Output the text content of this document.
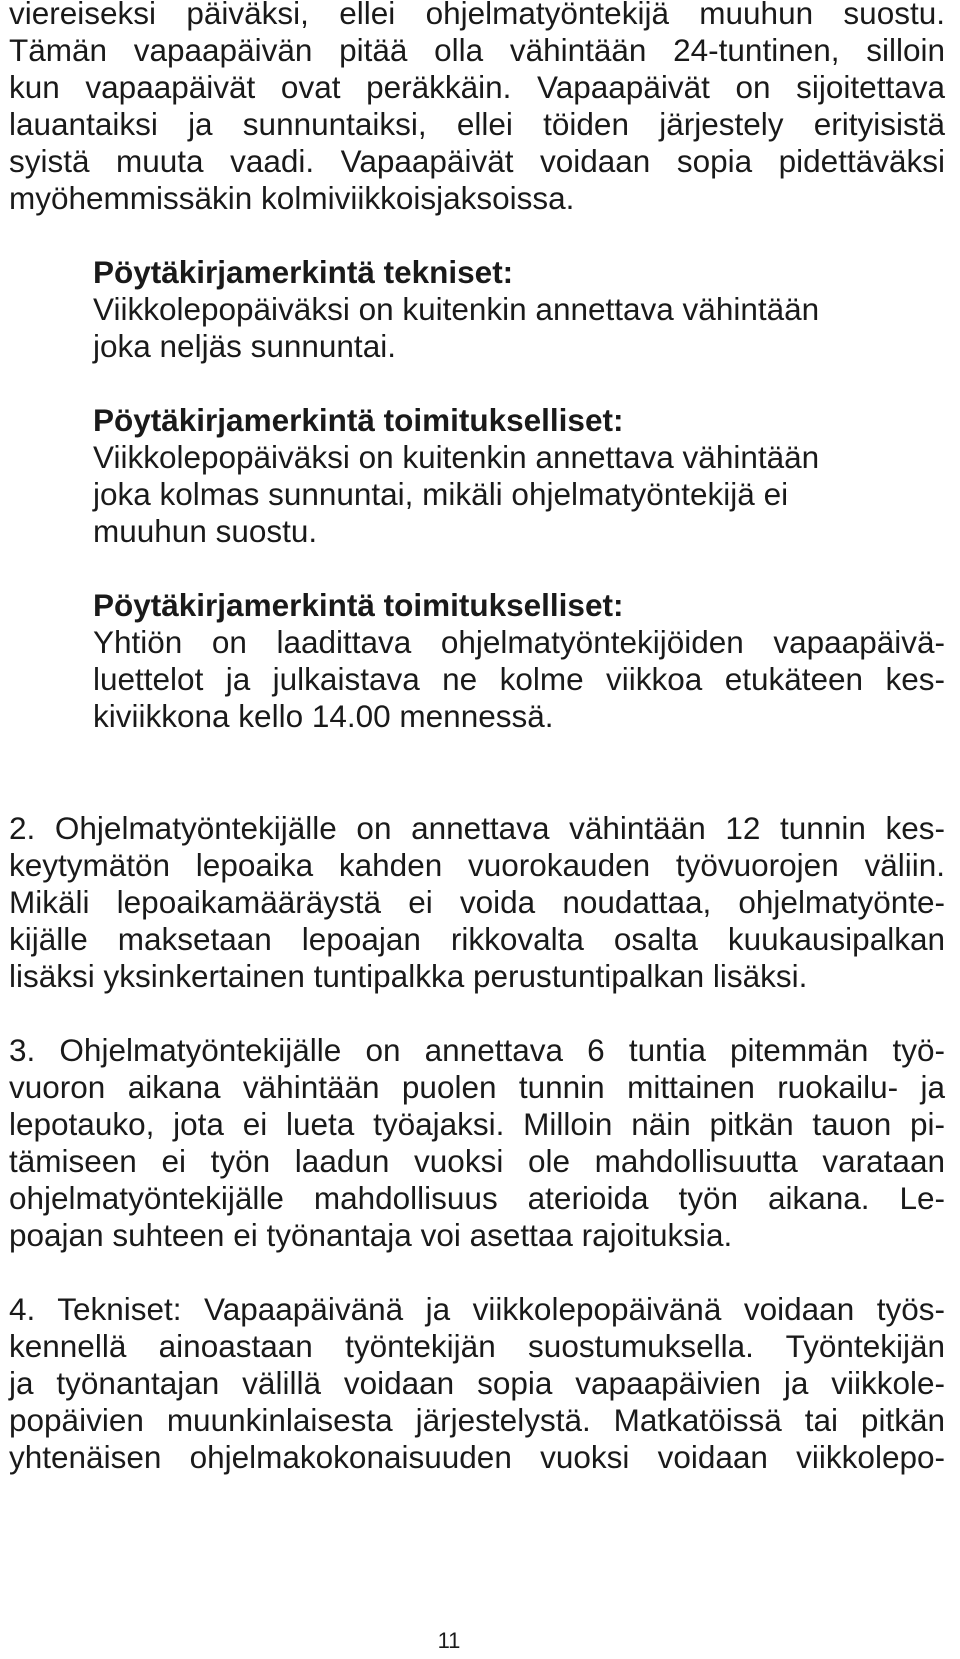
viereiseksi päiväksi, ellei ohjelmatyöntekijä muuhun suostu.
Tämän vapaapäivän pitää olla vähintään 24-tuntinen, silloin
kun vapaapäivät ovat peräkkäin. Vapaapäivät on sijoitettava
lauantaiksi ja sunnuntaiksi, ellei töiden järjestely erityisistä
syistä muuta vaadi. Vapaapäivät voidaan sopia pidettäväksi
myöhemmissäkin kolmiviikkoisjaksoissa.
Pöytäkirjamerkintä tekniset:
Viikkolepopäiväksi on kuitenkin annettava vähintään
joka neljäs sunnuntai.
Pöytäkirjamerkintä toimitukselliset:
Viikkolepopäiväksi on kuitenkin annettava vähintään
joka kolmas sunnuntai, mikäli ohjelmatyöntekijä ei
muuhun suostu.
Pöytäkirjamerkintä toimitukselliset:
Yhtiön on laadittava ohjelmatyöntekijöiden vapaapäivä-
luettelot ja julkaistava ne kolme viikkoa etukäteen kes-
kiviikkona kello 14.00 mennessä.
2. Ohjelmatyöntekijälle on annettava vähintään 12 tunnin kes-
keytymätön lepoaika kahden vuorokauden työvuorojen väliin.
Mikäli lepoaikamääräystä ei voida noudattaa, ohjelmatyönte-
kijälle maksetaan lepoajan rikkovalta osalta kuukausipalkan
lisäksi yksinkertainen tuntipalkka perustuntipalkan lisäksi.
3. Ohjelmatyöntekijälle on annettava 6 tuntia pitemmän työ-
vuoron aikana vähintään puolen tunnin mittainen ruokailu- ja
lepotauko, jota ei lueta työajaksi. Milloin näin pitkän tauon pi-
tämiseen ei työn laadun vuoksi ole mahdollisuutta varataan
ohjelmatyöntekijälle mahdollisuus aterioida työn aikana. Le-
poajan suhteen ei työnantaja voi asettaa rajoituksia.
4. Tekniset: Vapaapäivänä ja viikkolepopäivänä voidaan työs-
kennellä ainoastaan työntekijän suostumuksella. Työntekijän
ja työnantajan välillä voidaan sopia vapaapäivien ja viikkole-
popäivien muunkinlaisesta järjestelystä. Matkatöissä tai pitkän
yhtenäisen ohjelmakokonaisuuden vuoksi voidaan viikkolepo-
11
